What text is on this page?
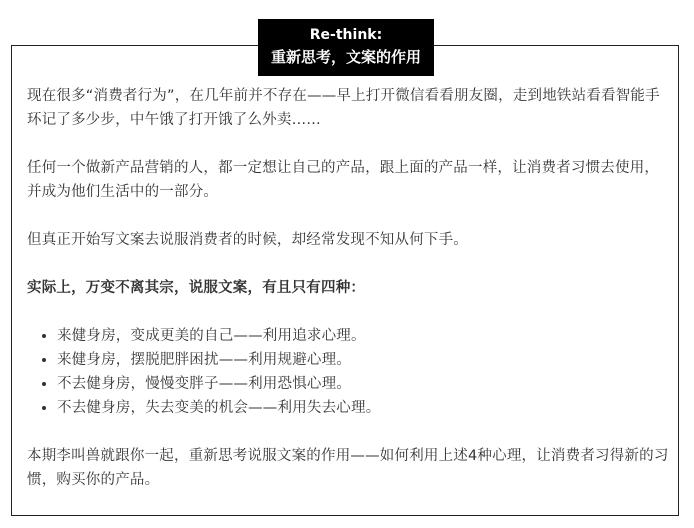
Re-think:
重新思考，文案的作用

现在很多“消费者行为”，在几年前并不存在——早上打开微信看看朋友圈，走到地铁站看看智能手环记了多少步，中午饿了打开饿了么外卖……

任何一个做新产品营销的人，都一定想让自己的产品，跟上面的产品一样，让消费者习惯去使用，并成为他们生活中的一部分。

但真正开始写文案去说服消费者的时候，却经常发现不知从何下手。

实际上，万变不离其宗，说服文案，有且只有四种：

• 来健身房，变成更美的自己——利用追求心理。
• 来健身房，摆脱肥胖困扰——利用规避心理。
• 不去健身房，慢慢变胖子——利用恐惧心理。
• 不去健身房，失去变美的机会——利用失去心理。

本期李叫兽就跟你一起，重新思考说服文案的作用——如何利用上述4种心理，让消费者习得新的习惯，购买你的产品。
